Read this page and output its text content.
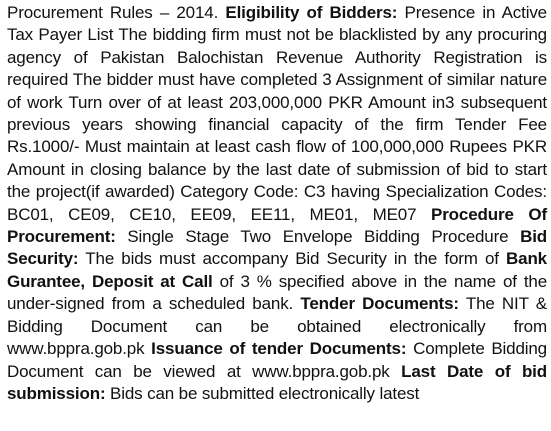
Procurement Rules – 2014. Eligibility of Bidders: Presence in Active Tax Payer List The bidding firm must not be blacklisted by any procuring agency of Pakistan Balochistan Revenue Authority Registration is required The bidder must have completed 3 Assignment of similar nature of work Turn over of at least 203,000,000 PKR Amount in3 subsequent previous years showing financial capacity of the firm Tender Fee Rs.1000/- Must maintain at least cash flow of 100,000,000 Rupees PKR Amount in closing balance by the last date of submission of bid to start the project(if awarded) Category Code: C3 having Specialization Codes: BC01, CE09, CE10, EE09, EE11, ME01, ME07 Procedure Of Procurement: Single Stage Two Envelope Bidding Procedure Bid Security: The bids must accompany Bid Security in the form of Bank Gurantee, Deposit at Call of 3 % specified above in the name of the under-signed from a scheduled bank. Tender Documents: The NIT & Bidding Document can be obtained electronically from www.bppra.gob.pk Issuance of tender Documents: Complete Bidding Document can be viewed at www.bppra.gob.pk Last Date of bid submission: Bids can be submitted electronically latest
